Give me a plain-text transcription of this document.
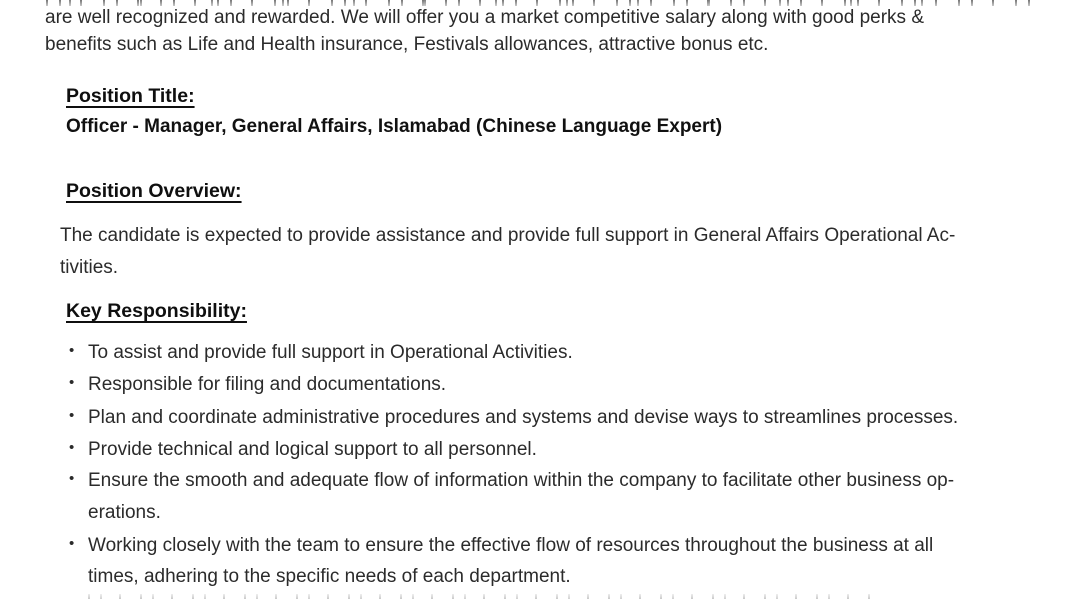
are well recognized and rewarded. We will offer you a market competitive salary along with good perks &
benefits such as Life and Health insurance, Festivals allowances, attractive bonus etc.
Position Title:
Officer - Manager, General Affairs, Islamabad (Chinese Language Expert)
Position Overview:
The candidate is expected to provide assistance and provide full support in General Affairs Operational Ac-
tivities.
Key Responsibility:
• To assist and provide full support in Operational Activities.
• Responsible for filing and documentations.
• Plan and coordinate administrative procedures and systems and devise ways to streamlines processes.
• Provide technical and logical support to all personnel.
• Ensure the smooth and adequate flow of information within the company to facilitate other business op-
erations.
• Working closely with the team to ensure the effective flow of resources throughout the business at all
times, adhering to the specific needs of each department.
